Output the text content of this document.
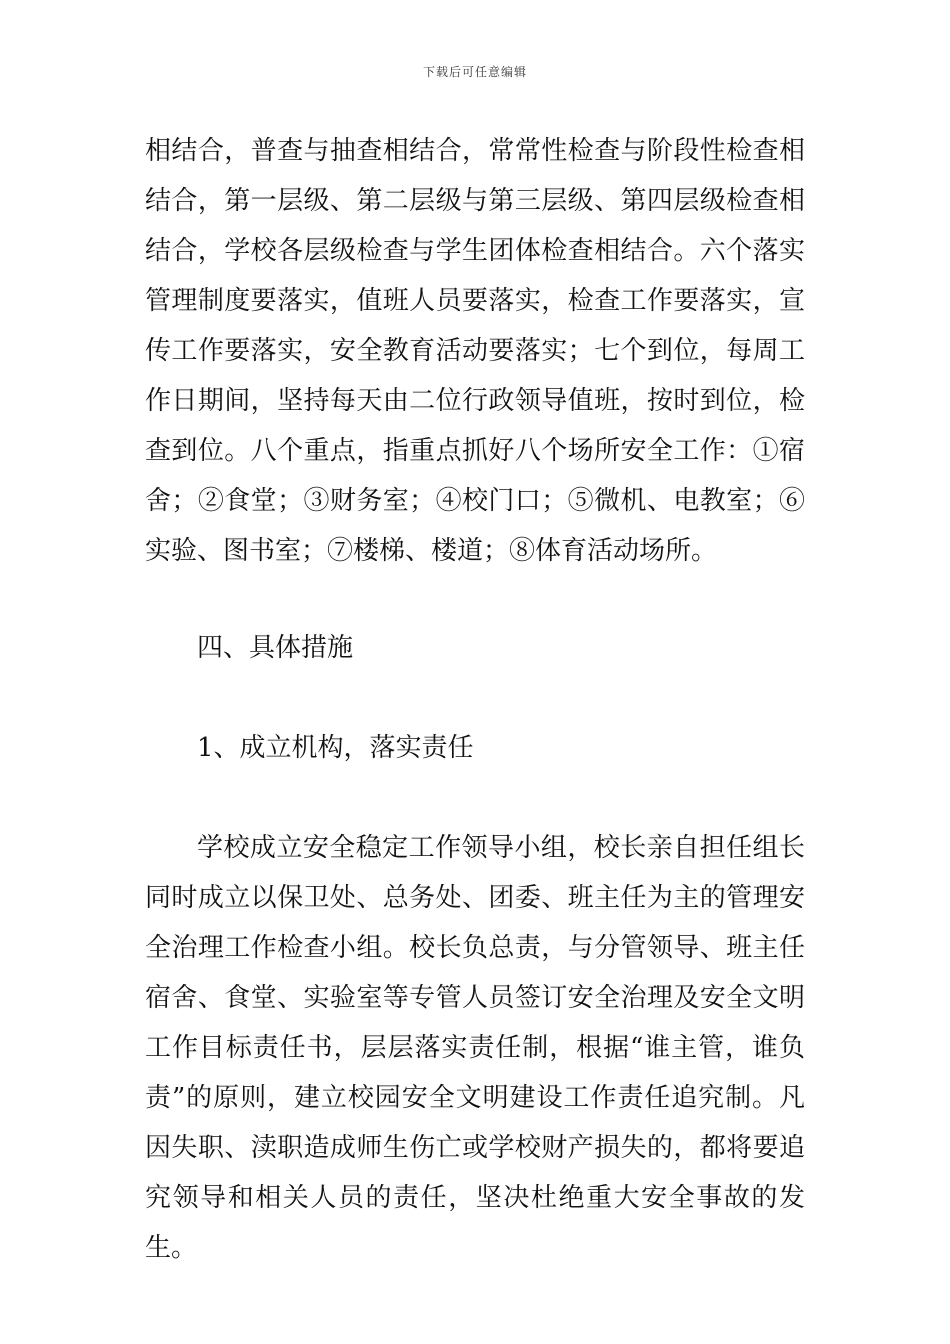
下载后可任意编辑

相结合，普查与抽查相结合，常常性检查与阶段性检查相结合，第一层级、第二层级与第三层级、第四层级检查相结合，学校各层级检查与学生团体检查相结合。六个落实管理制度要落实，值班人员要落实，检查工作要落实，宣传工作要落实，安全教育活动要落实；七个到位，每周工作日期间，坚持每天由二位行政领导值班，按时到位，检查到位。八个重点，指重点抓好八个场所安全工作：①宿舍；②食堂；③财务室；④校门口；⑤微机、电教室；⑥实验、图书室；⑦楼梯、楼道；⑧体育活动场所。

四、具体措施

1、成立机构，落实责任

学校成立安全稳定工作领导小组，校长亲自担任组长同时成立以保卫处、总务处、团委、班主任为主的管理安全治理工作检查小组。校长负总责，与分管领导、班主任宿舍、食堂、实验室等专管人员签订安全治理及安全文明工作目标责任书，层层落实责任制，根据“谁主管，谁负责”的原则，建立校园安全文明建设工作责任追究制。凡因失职、渎职造成师生伤亡或学校财产损失的，都将要追究领导和相关人员的责任，坚决杜绝重大安全事故的发生。
